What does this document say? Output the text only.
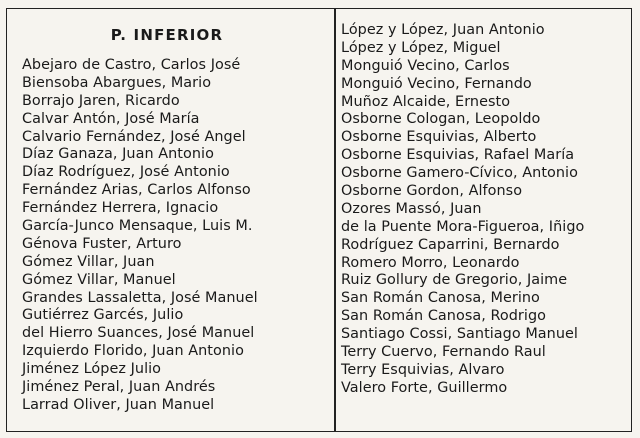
P. INFERIOR
Abejaro de Castro, Carlos José
Biensoba Abargues, Mario
Borrajo Jaren, Ricardo
Calvar Antón, José María
Calvario Fernández, José Angel
Díaz Ganaza, Juan Antonio
Díaz Rodríguez, José Antonio
Fernández Arias, Carlos Alfonso
Fernández Herrera, Ignacio
García-Junco Mensaque, Luis M.
Génova Fuster, Arturo
Gómez Villar, Juan
Gómez Villar, Manuel
Grandes Lassaletta, José Manuel
Gutiérrez Garcés, Julio
del Hierro Suances, José Manuel
Izquierdo Florido, Juan Antonio
Jiménez López Julio
Jiménez Peral, Juan Andrés
Larrad Oliver, Juan Manuel
López y López, Juan Antonio
López y López, Miguel
Monguió Vecino, Carlos
Monguió Vecino, Fernando
Muñoz Alcaide, Ernesto
Osborne Cologan, Leopoldo
Osborne Esquivias, Alberto
Osborne Esquivias, Rafael María
Osborne Gamero-Cívico, Antonio
Osborne Gordon, Alfonso
Ozores Massó, Juan
de la Puente Mora-Figueroa, Iñigo
Rodríguez Caparrini, Bernardo
Romero Morro, Leonardo
Ruiz Gollury de Gregorio, Jaime
San Román Canosa, Merino
San Román Canosa, Rodrigo
Santiago Cossi, Santiago Manuel
Terry Cuervo, Fernando Raul
Terry Esquivias, Alvaro
Valero Forte, Guillermo
